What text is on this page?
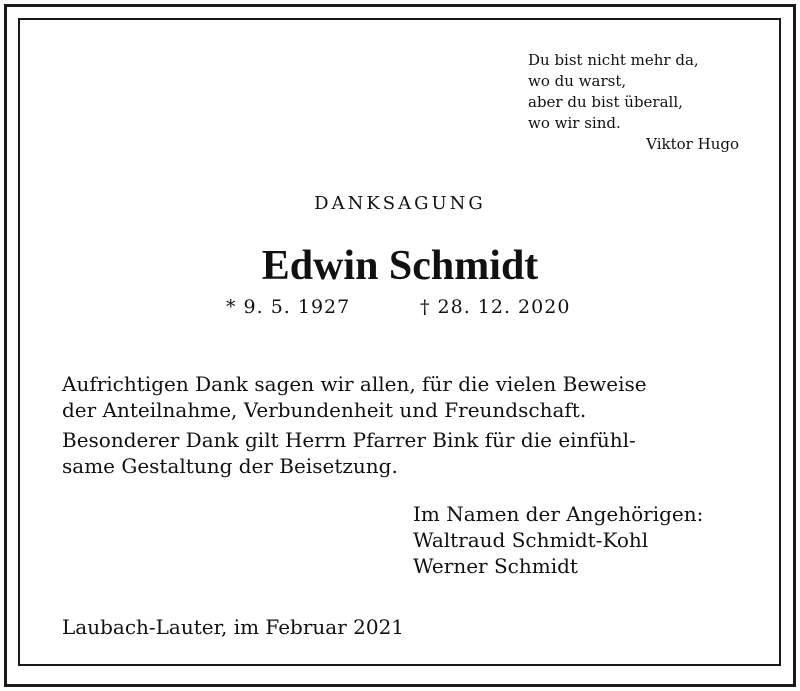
Du bist nicht mehr da,
wo du warst,
aber du bist überall,
wo wir sind.
Viktor Hugo
DANKSAGUNG
Edwin Schmidt
* 9. 5. 1927	† 28. 12. 2020
Aufrichtigen Dank sagen wir allen, für die vielen Beweise
der Anteilnahme, Verbundenheit und Freundschaft.
Besonderer Dank gilt Herrn Pfarrer Bink für die einfühl-
same Gestaltung der Beisetzung.
Im Namen der Angehörigen:
Waltraud Schmidt-Kohl
Werner Schmidt
Laubach-Lauter, im Februar 2021
